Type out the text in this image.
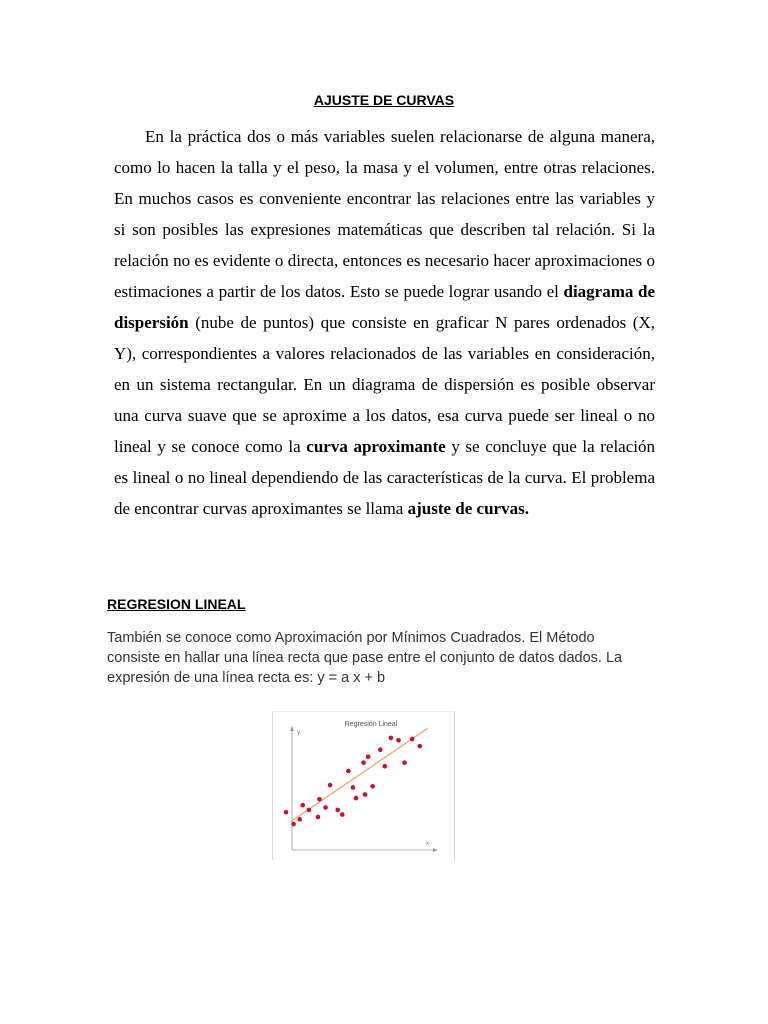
AJUSTE DE CURVAS

En la práctica dos o más variables suelen relacionarse de alguna manera, como lo hacen la talla y el peso, la masa y el volumen, entre otras relaciones. En muchos casos es conveniente encontrar las relaciones entre las variables y si son posibles las expresiones matemáticas que describen tal relación. Si la relación no es evidente o directa, entonces es necesario hacer aproximaciones o estimaciones a partir de los datos. Esto se puede lograr usando el diagrama de dispersión (nube de puntos) que consiste en graficar N pares ordenados (X, Y), correspondientes a valores relacionados de las variables en consideración, en un sistema rectangular. En un diagrama de dispersión es posible observar una curva suave que se aproxime a los datos, esa curva puede ser lineal o no lineal y se conoce como la curva aproximante y se concluye que la relación es lineal o no lineal dependiendo de las características de la curva. El problema de encontrar curvas aproximantes se llama ajuste de curvas.

REGRESION LINEAL

También se conoce como Aproximación por Mínimos Cuadrados. El Método consiste en hallar una línea recta que pase entre el conjunto de datos dados. La expresión de una línea recta es: y = a x + b

Regresión Lineal
y
x
